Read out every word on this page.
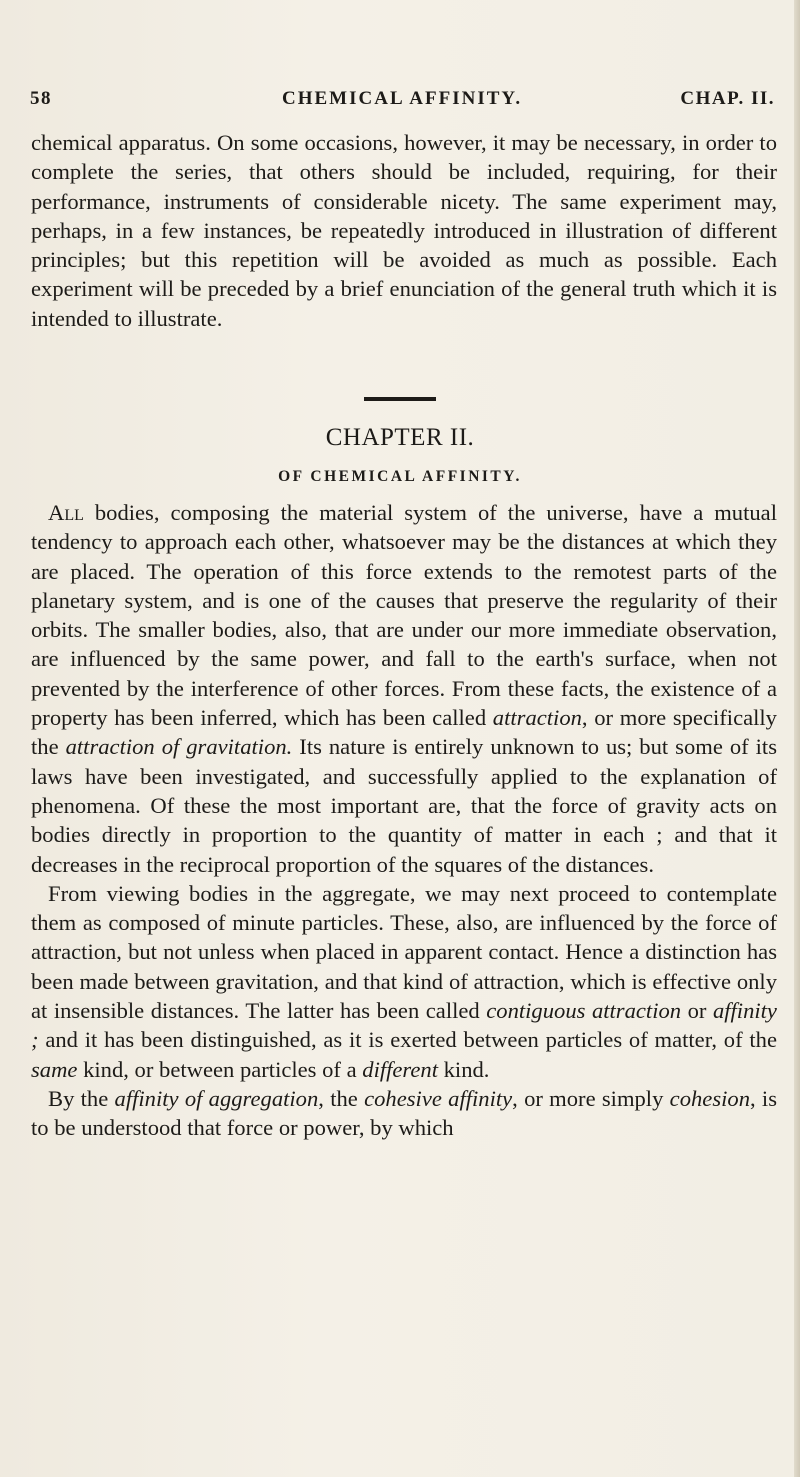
58	CHEMICAL AFFINITY.	CHAP. II.

chemical apparatus. On some occasions, however, it may be necessary, in order to complete the series, that others should be included, requiring, for their performance, instruments of considerable nicety. The same experiment may, perhaps, in a few instances, be repeatedly introduced in illustration of different principles; but this repetition will be avoided as much as possible. Each experiment will be preceded by a brief enunciation of the general truth which it is intended to illustrate.

CHAPTER II.
OF CHEMICAL AFFINITY.

All bodies, composing the material system of the universe, have a mutual tendency to approach each other, whatsoever may be the distances at which they are placed. The operation of this force extends to the remotest parts of the planetary system, and is one of the causes that preserve the regularity of their orbits. The smaller bodies, also, that are under our more immediate observation, are influenced by the same power, and fall to the earth's surface, when not prevented by the interference of other forces. From these facts, the existence of a property has been inferred, which has been called attraction, or more specifically the attraction of gravitation. Its nature is entirely unknown to us; but some of its laws have been investigated, and successfully applied to the explanation of phenomena. Of these the most important are, that the force of gravity acts on bodies directly in proportion to the quantity of matter in each ; and that it decreases in the reciprocal proportion of the squares of the distances.

From viewing bodies in the aggregate, we may next proceed to contemplate them as composed of minute particles. These, also, are influenced by the force of attraction, but not unless when placed in apparent contact. Hence a distinction has been made between gravitation, and that kind of attraction, which is effective only at insensible distances. The latter has been called contiguous attraction or affinity ; and it has been distinguished, as it is exerted between particles of matter, of the same kind, or between particles of a different kind.

By the affinity of aggregation, the cohesive affinity, or more simply cohesion, is to be understood that force or power, by which
